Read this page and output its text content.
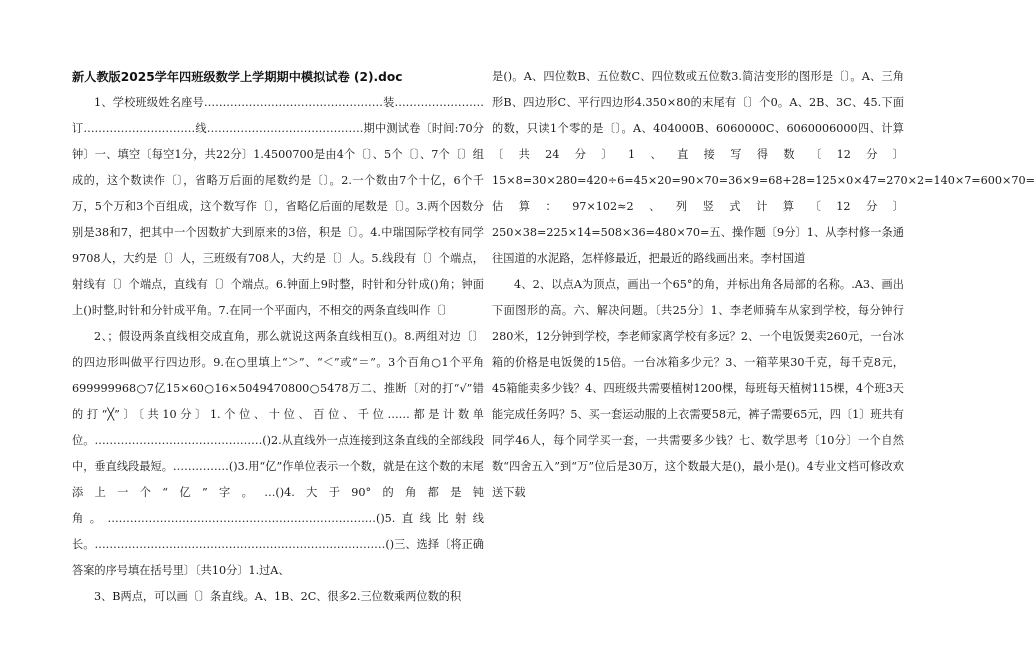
新人教版2025学年四班级数学上学期期中模拟试卷 (2).doc
1、学校班级姓名座号…………………………………………装……………………订…………………………线……………………………………期中测试卷〔时间:70分钟〕一、填空〔每空1分，共22分〕1.4500700是由4个〔〕、5个〔〕、7个〔〕组成的，这个数读作〔〕，省略万后面的尾数约是〔〕。2.一个数由7个十亿，6个千万，5个万和3个百组成，这个数写作〔〕，省略亿后面的尾数是〔〕。3.两个因数分别是38和7，把其中一个因数扩大到原来的3倍，积是〔〕。4.中瑞国际学校有同学9708人，大约是〔〕人，三班级有708人，大约是〔〕人。5.线段有〔〕个端点，射线有〔〕个端点，直线有〔〕个端点。6.钟面上9时整，时针和分针成()角；钟面上()时整,时针和分针成平角。7.在同一个平面内，不相交的两条直线叫作〔〕
2、；假设两条直线相交成直角，那么就说这两条直线相互()。8.两组对边〔〕的四边形叫做平行四边形。9.在○里填上“＞”、“＜”或“＝”。3个百角○1个平角699999968○7亿15×60○16×5049470800○5478万二、推断〔对的打“√”错的打“╳”〕〔共10分〕1.个位、十位、百位、千位……都是计数单位。………………………………………()2.从直线外一点连接到这条直线的全部线段中，垂直线段最短。……………()3.用“亿”作单位表示一个数，就是在这个数的末尾添上一个“亿”字。…()4.大于90°的角都是钝角。………………………………………………………………()5.直线比射线长。……………………………………………………………………()三、选择〔将正确答案的序号填在括号里〕〔共10分〕1.过A、
3、B两点，可以画〔〕条直线。A、1B、2C、很多2.三位数乘两位数的积
是()。A、四位数B、五位数C、四位数或五位数3.简洁变形的图形是〔〕。A、三角形B、四边形C、平行四边形4.350×80的末尾有〔〕个0。A、2B、3C、45.下面的数，只读1个零的是〔〕。A、404000B、6060000C、6060006000四、计算〔共24分〕1、直接写得数〔12分〕15×8=30×280=420÷6=45×20=90×70=36×9=68+28=125×0×47=270×2=140×7=600×70=估算：97×102≈2、列竖式计算〔12分〕250×38=225×14=508×36=480×70=五、操作题〔9分〕1、从李村修一条通往国道的水泥路，怎样修最近，把最近的路线画出来。李村国道
4、2、以点A为顶点，画出一个65°的角，并标出角各局部的名称。.A3、画出下面图形的高。六、解决问题。〔共25分〕1、李老师骑车从家到学校，每分钟行280米，12分钟到学校，李老师家离学校有多远？2、一个电饭煲卖260元，一台冰箱的价格是电饭煲的15倍。一台冰箱多少元？3、一箱苹果30千克，每千克8元，45箱能卖多少钱？4、四班级共需要植树1200棵，每班每天植树115棵，4个班3天能完成任务吗？5、买一套运动服的上衣需要58元，裤子需要65元，四〔1〕班共有同学46人，每个同学买一套，一共需要多少钱？七、数学思考〔10分〕一个自然数“四舍五入”到“万”位后是30万，这个数最大是()，最小是()。4专业文档可修改欢送下载
